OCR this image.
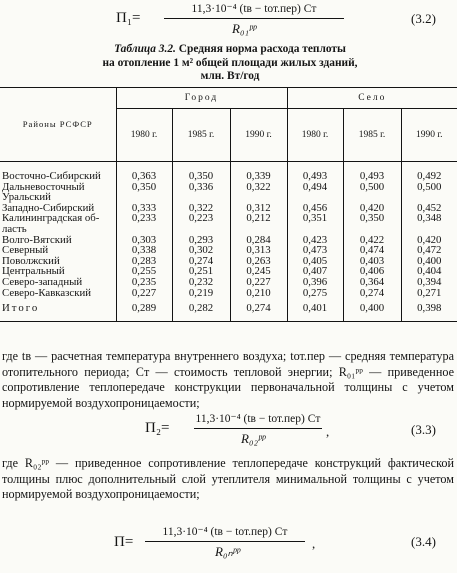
П₁=
11,3·10⁻⁴ (tв − tот.пер) Cт
R₀₁ᵖᵖ
(3.2)
Таблица 3.2. Средняя норма расхода теплоты
на отопление 1 м² общей площади жилых зданий,
млн. Вт/год
Районы РСФСР	Город			Село		
	1980 г.	1985 г.	1990 г.	1980 г.	1985 г.	1990 г.
Восточно-Сибирский	0,363	0,350	0,339	0,493	0,493	0,492
Дальневосточный	0,350	0,336	0,322	0,494	0,500	0,500
Уральский						
Западно-Сибирский	0,333	0,322	0,312	0,456	0,420	0,452
Калининградская об-	0,233	0,223	0,212	0,351	0,350	0,348
ласть						
Волго-Вятский	0,303	0,293	0,284	0,423	0,422	0,420
Северный	0,338	0,302	0,313	0,473	0,474	0,472
Поволжский	0,283	0,274	0,263	0,405	0,403	0,400
Центральный	0,255	0,251	0,245	0,407	0,406	0,404
Северо-западный	0,235	0,232	0,227	0,396	0,364	0,394
Северо-Кавказский	0,227	0,219	0,210	0,275	0,274	0,271
Итого	0,289	0,282	0,274	0,401	0,400	0,398

где tв — расчетная температура внутреннего воздуха; tот.пер — средняя температура отопительного периода; Cт — стоимость тепловой энергии; R₀₁ᵖᵖ — приведенное сопротивление теплопередаче конструкции первоначальной толщины с учетом нормируемой воздухопроницаемости;

П₂=
11,3·10⁻⁴ (tв − tот.пер) Cт
R₀₂ᵖᵖ	,	(3.3)

где R₀₂ᵖᵖ — приведенное сопротивление теплопередаче конструкций фактической толщины плюс дополнительный слой утеплителя минимальной толщины с учетом нормируемой воздухопроницаемости;

П=
11,3·10⁻⁴ (tв − tот.пер) Cт
R₀ₙᵖᵖ
,	(3.4)
